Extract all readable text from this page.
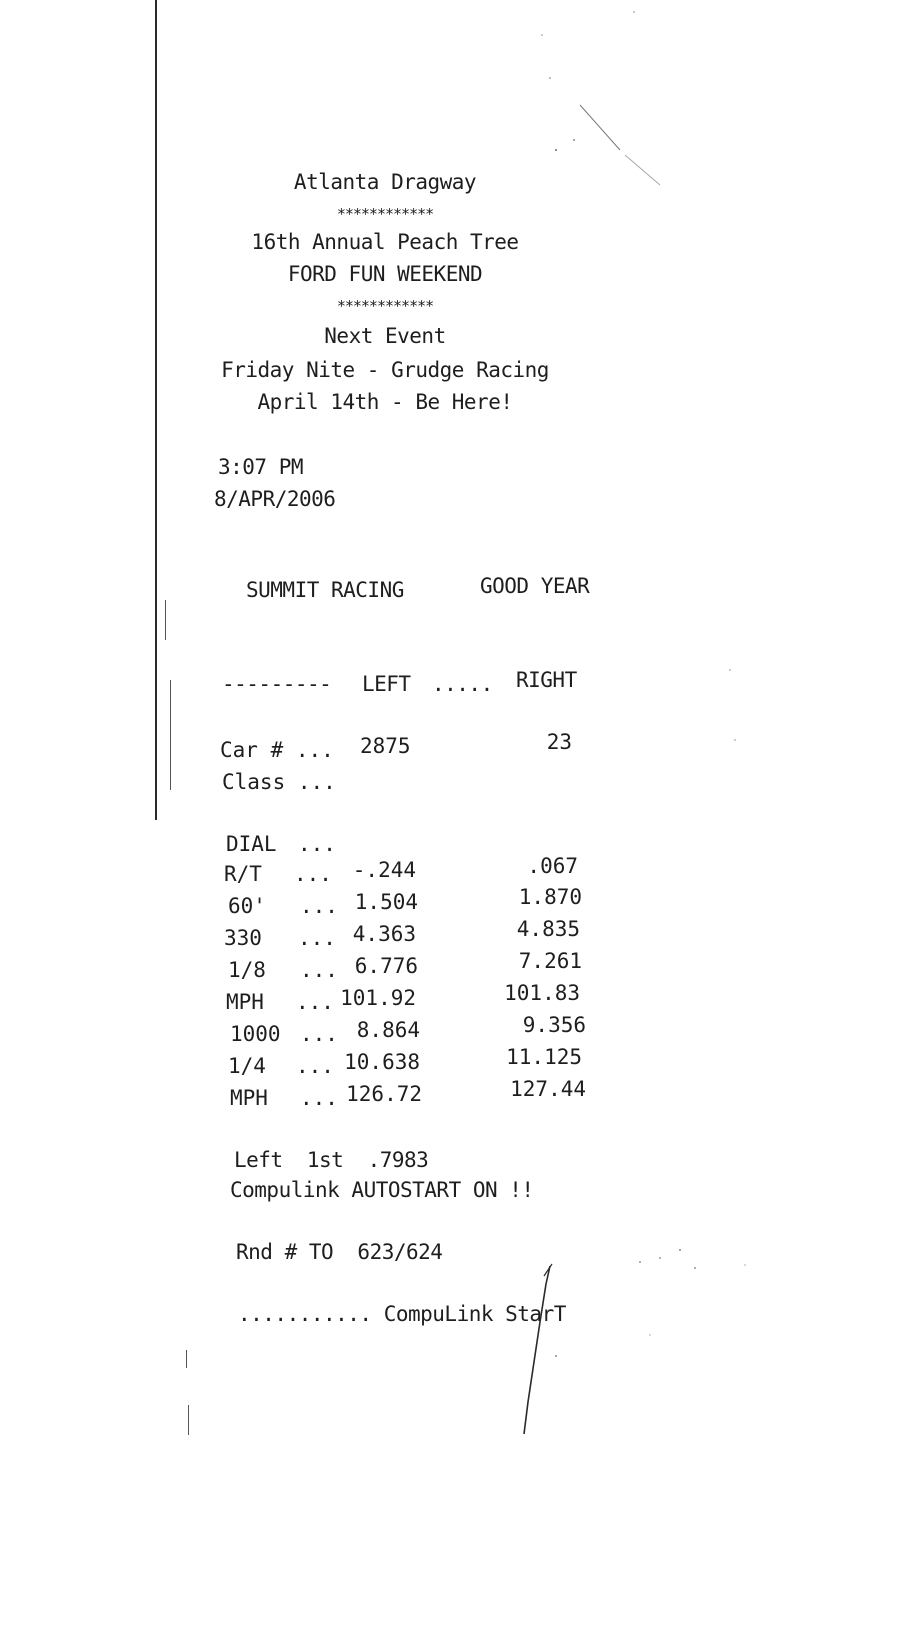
Atlanta Dragway
************
16th Annual Peach Tree
FORD FUN WEEKEND
************
Next Event
Friday Nite - Grudge Racing
April 14th - Be Here!
3:07 PM
8/APR/2006
SUMMIT RACING	GOOD YEAR
--------- LEFT ..... RIGHT
Car # ... 2875	23
Class ...
DIAL ...
R/T ... -.244	.067
60' ... 1.504	1.870
330 ... 4.363	4.835
1/8 ... 6.776	7.261
MPH ... 101.92	101.83
1000 ... 8.864	9.356
1/4 ... 10.638	11.125
MPH ... 126.72	127.44
Left  1st  .7983
Compulink AUTOSTART ON !!
Rnd # TO  623/624
........... CompuLink StarT
